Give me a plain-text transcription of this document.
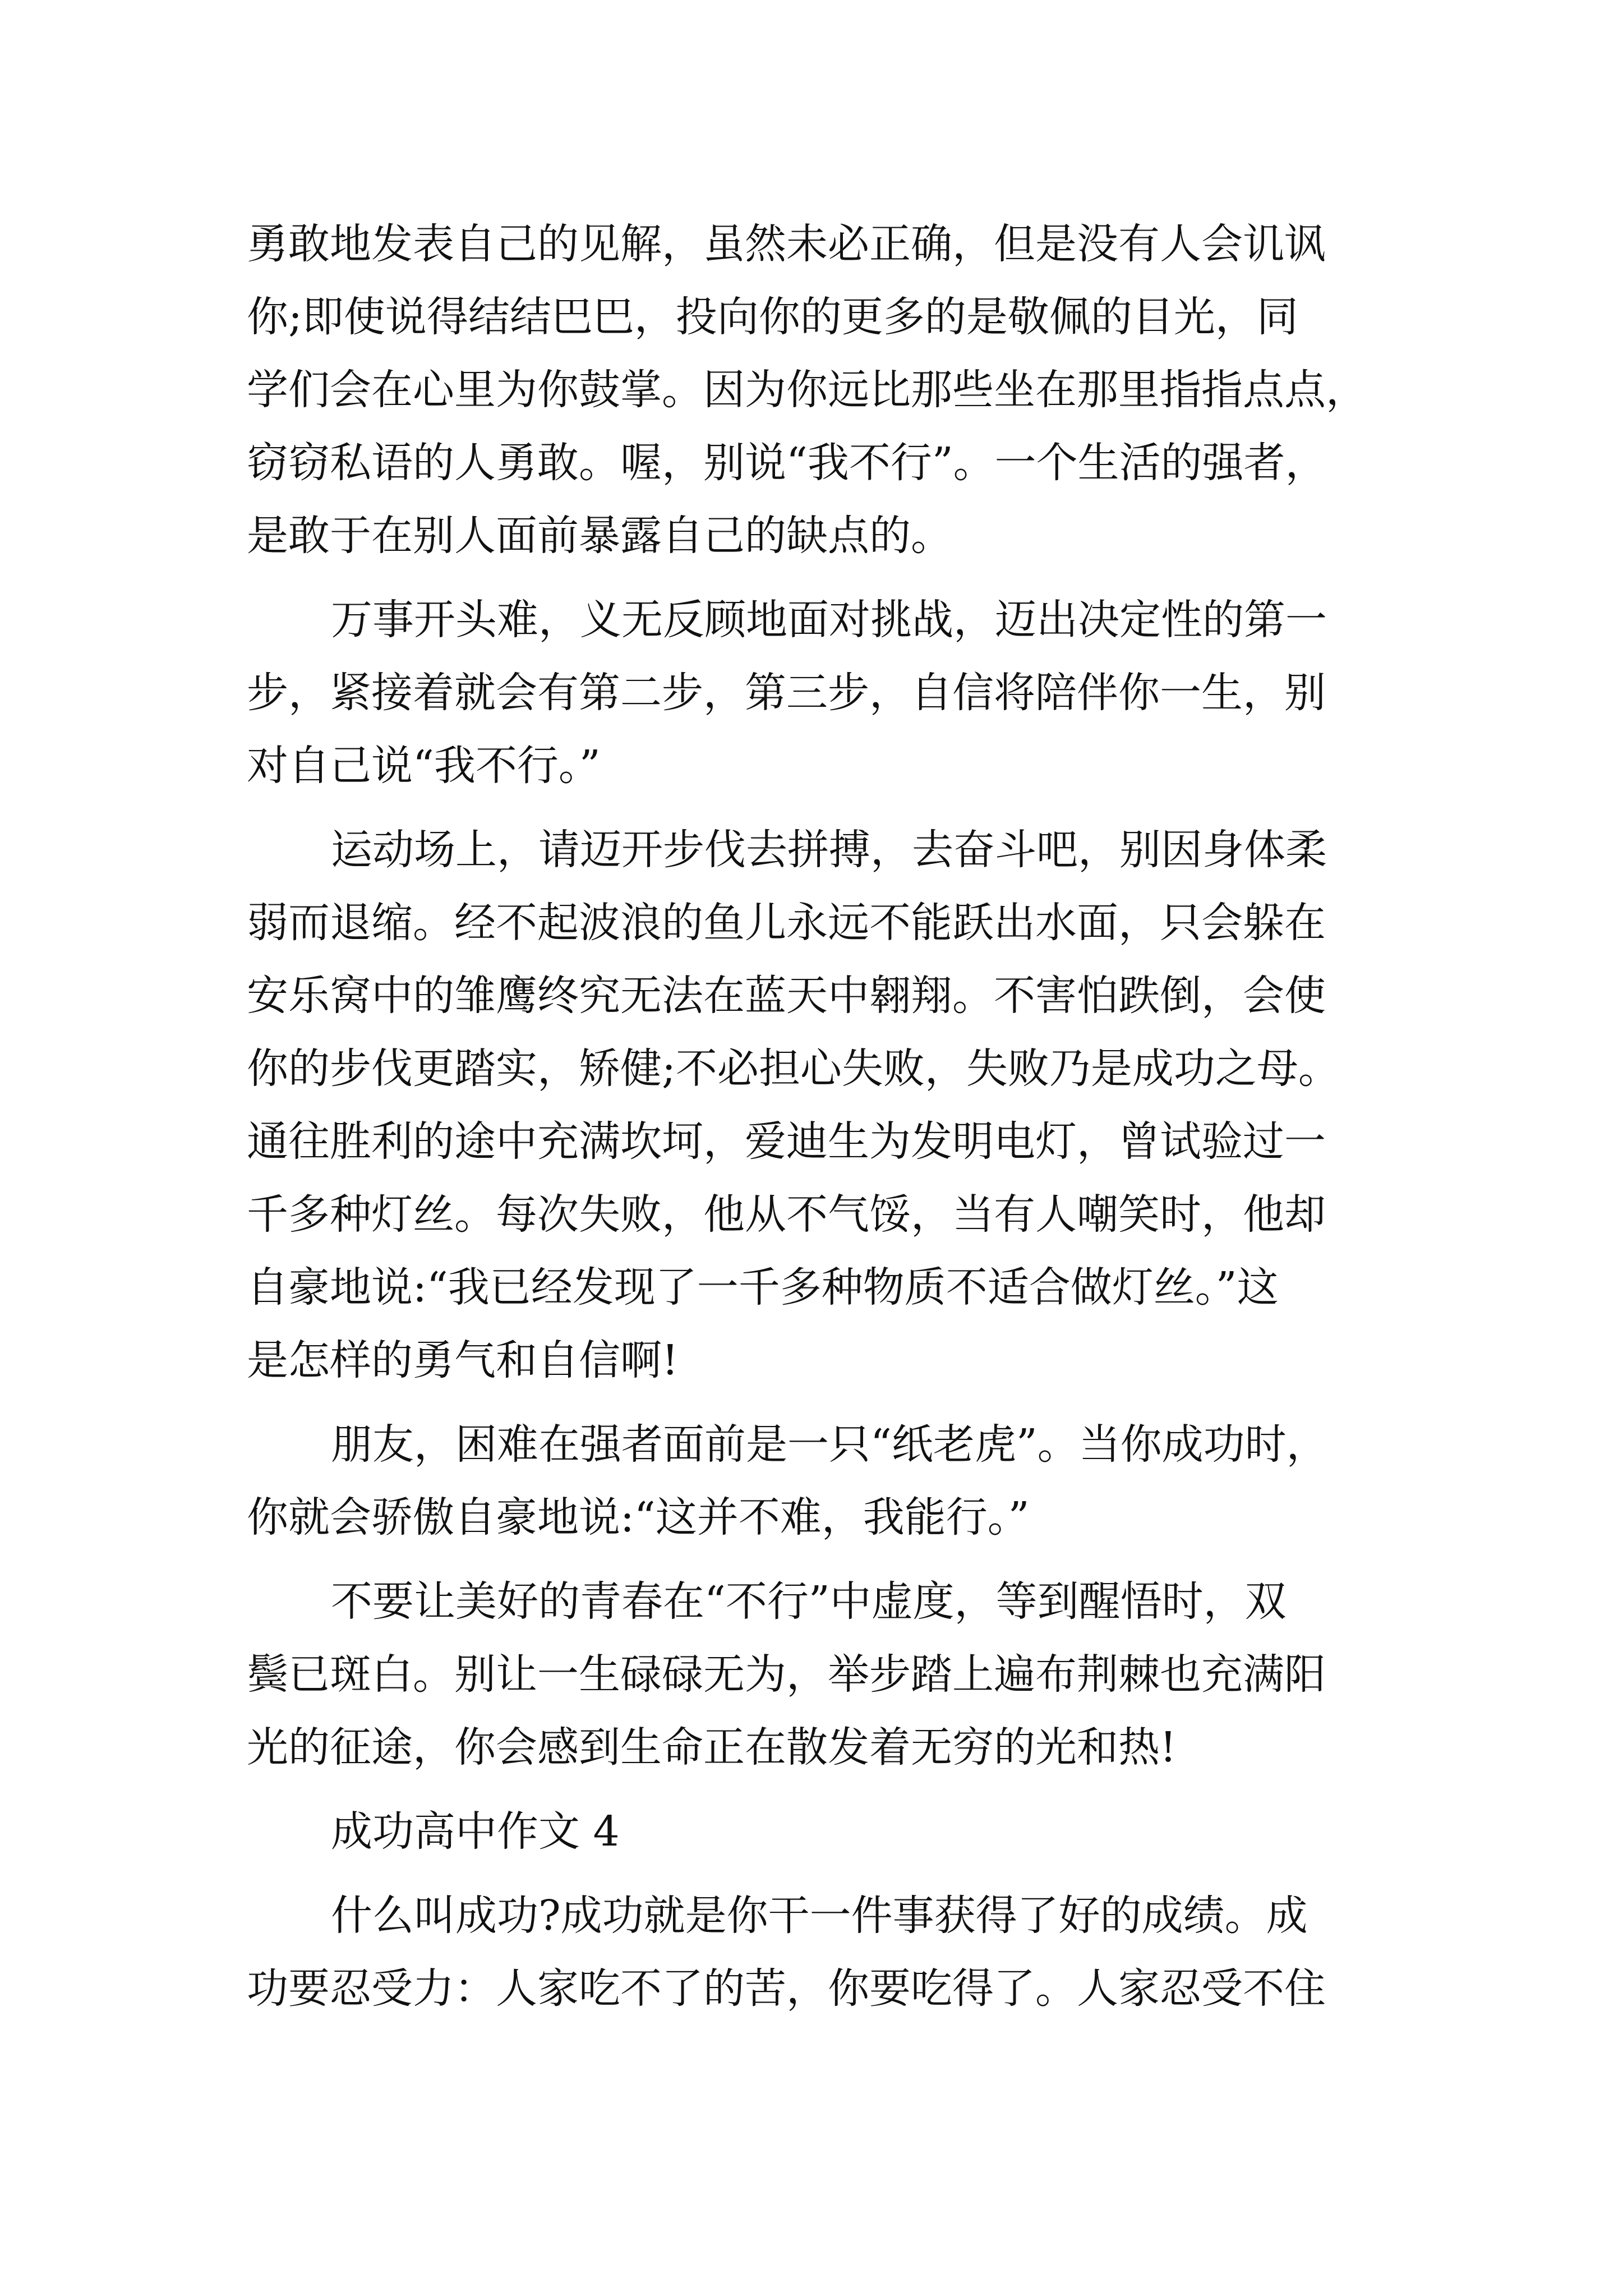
勇敢地发表自己的见解，虽然未必正确，但是没有人会讥讽
你;即使说得结结巴巴，投向你的更多的是敬佩的目光，同
学们会在心里为你鼓掌。因为你远比那些坐在那里指指点点，
窃窃私语的人勇敢。喔，别说“我不行”。一个生活的强者，
是敢于在别人面前暴露自己的缺点的。
万事开头难，义无反顾地面对挑战，迈出决定性的第一
步，紧接着就会有第二步，第三步，自信将陪伴你一生，别
对自己说“我不行。”
运动场上，请迈开步伐去拼搏，去奋斗吧，别因身体柔
弱而退缩。经不起波浪的鱼儿永远不能跃出水面，只会躲在
安乐窝中的雏鹰终究无法在蓝天中翱翔。不害怕跌倒，会使
你的步伐更踏实，矫健;不必担心失败，失败乃是成功之母。
通往胜利的途中充满坎坷，爱迪生为发明电灯，曾试验过一
千多种灯丝。每次失败，他从不气馁，当有人嘲笑时，他却
自豪地说:“我已经发现了一千多种物质不适合做灯丝。”这
是怎样的勇气和自信啊!
朋友，困难在强者面前是一只“纸老虎”。当你成功时，
你就会骄傲自豪地说:“这并不难，我能行。”
不要让美好的青春在“不行”中虚度，等到醒悟时，双
鬓已斑白。别让一生碌碌无为，举步踏上遍布荆棘也充满阳
光的征途，你会感到生命正在散发着无穷的光和热!
成功高中作文 4
什么叫成功?成功就是你干一件事获得了好的成绩。成
功要忍受力：人家吃不了的苦，你要吃得了。人家忍受不住
